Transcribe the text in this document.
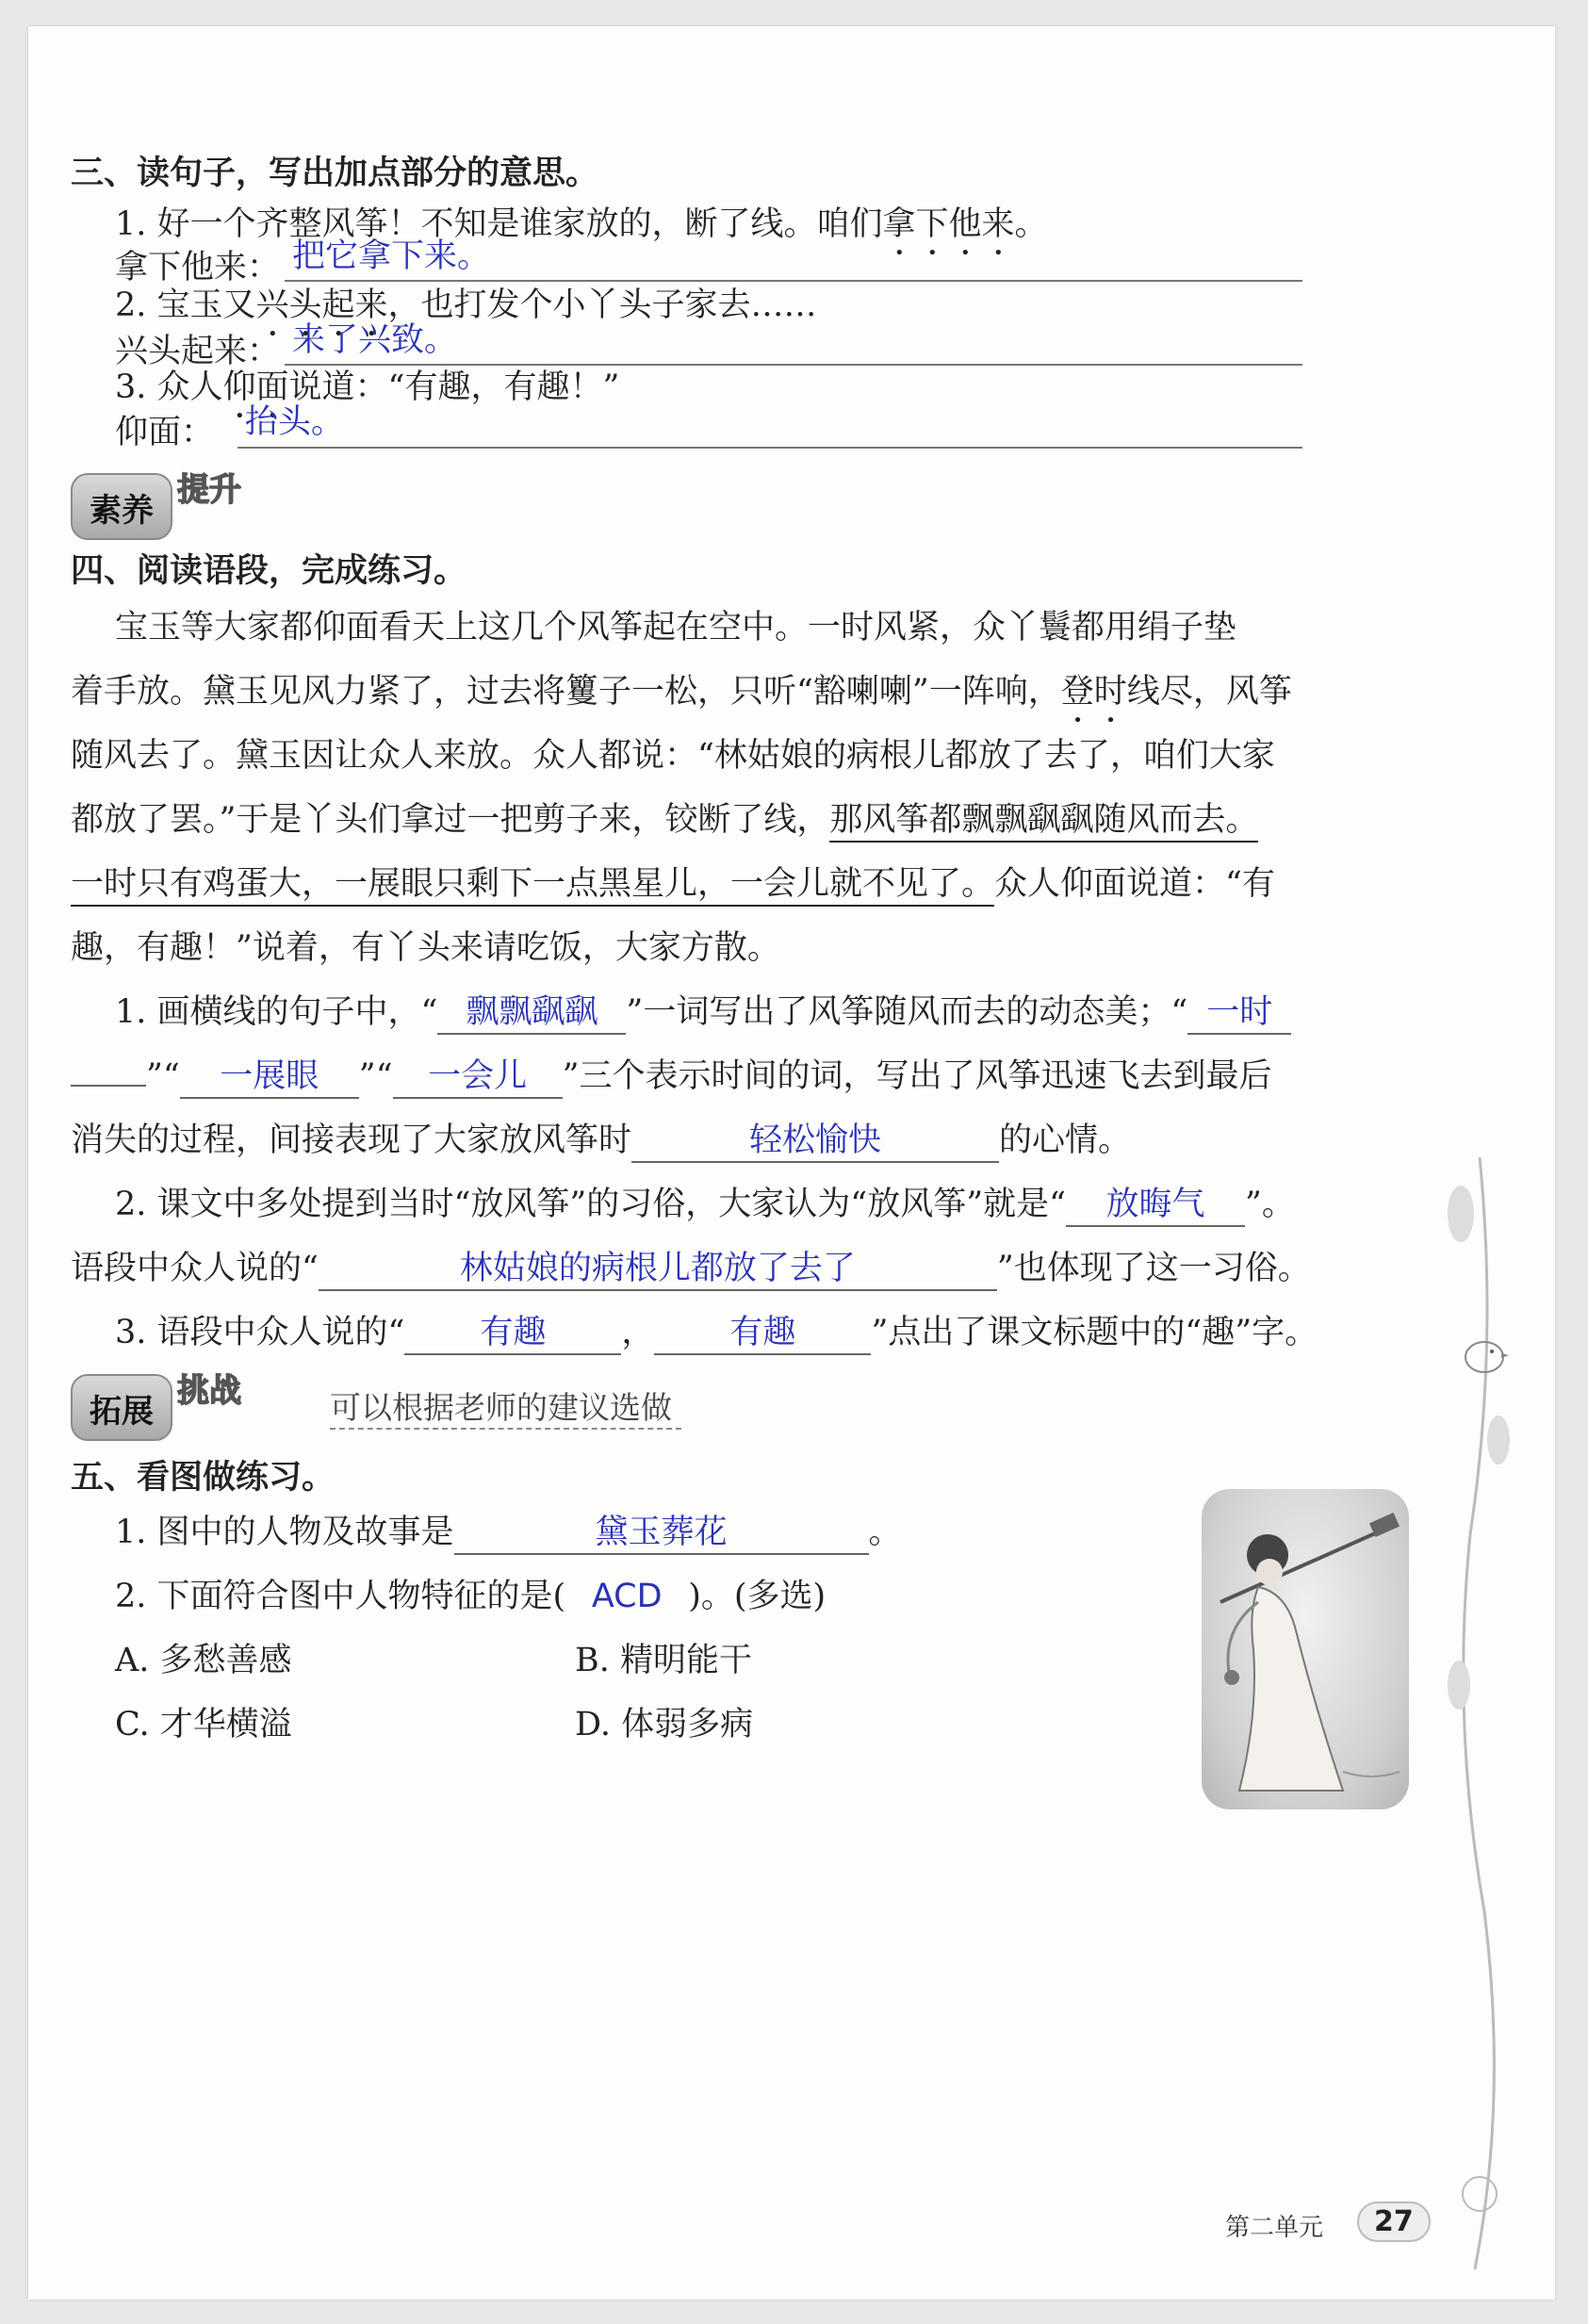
三、读句子，写出加点部分的意思。
1. 好一个齐整风筝！不知是谁家放的，断了线。咱们拿下他来。
拿下他来： 把它拿下来。
2. 宝玉又兴头起来，也打发个小丫头子家去……
兴头起来： 来了兴致。
3. 众人仰面说道：“有趣，有趣！”
仰面： 抬头。
素养
提升
四、阅读语段，完成练习。
宝玉等大家都仰面看天上这几个风筝起在空中。一时风紧，众丫鬟都用绢子垫
着手放。黛玉见风力紧了，过去将籰子一松，只听“豁喇喇”一阵响，登时线尽，风筝
随风去了。黛玉因让众人来放。众人都说：“林姑娘的病根儿都放了去了，咱们大家
都放了罢。”于是丫头们拿过一把剪子来，铰断了线，那风筝都飘飘飖飖随风而去。
一时只有鸡蛋大，一展眼只剩下一点黑星儿，一会儿就不见了。众人仰面说道：“有
趣，有趣！”说着，有丫头来请吃饭，大家方散。
1. 画横线的句子中，“ 飘飘飖飖 ”一词写出了风筝随风而去的动态美；“ 一时
”“ 一展眼 ”“ 一会儿 ”三个表示时间的词，写出了风筝迅速飞去到最后
消失的过程，间接表现了大家放风筝时	轻松愉快	的心情。
2. 课文中多处提到当时“放风筝”的习俗，大家认为“放风筝”就是“ 放晦气 ”。
语段中众人说的“	林姑娘的病根儿都放了去了	”也体现了这一习俗。
3. 语段中众人说的“ 有趣 ， 有趣 ”点出了课文标题中的“趣”字。
拓展
挑战	可以根据老师的建议选做
五、看图做练习。
1. 图中的人物及故事是	黛玉葬花	。
2. 下面符合图中人物特征的是( ACD )。(多选)
A. 多愁善感	B. 精明能干
C. 才华横溢	D. 体弱多病
第二单元	27
